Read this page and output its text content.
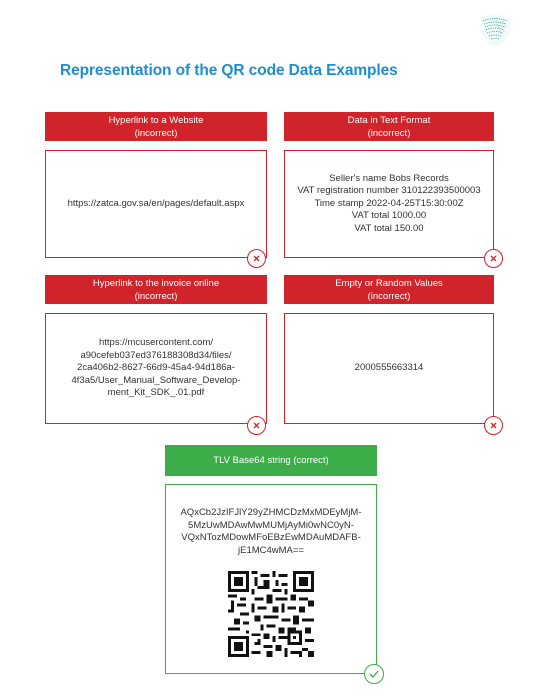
Representation of the QR code Data Examples
Hyperlink to a Website
(incorrect)
https://zatca.gov.sa/en/pages/default.aspx
Data in Text Format
(incorrect)
Seller's name Bobs Records
VAT registration number 310122393500003
Time stamp 2022-04-25T15:30:00Z
VAT total 1000.00
VAT total 150.00
Hyperlink to the invoice online
(incorrect)
https://mcusercontent.com/
a90cefeb037ed376188308d34/files/
2ca406b2-8627-66d9-45a4-94d186a-
4f3a5/User_Manual_Software_Develop-
ment_Kit_SDK_.01.pdf
Empty or Random Values
(incorrect)
2000555663314
TLV Base64 string (correct)
AQxCb2JzIFJlY29yZHMCDzMxMDEyMjM-
5MzUwMDAwMwMUMjAyMi0wNC0yN-
VQxNTozMDowMFoEBzEwMDAuMDAFB-
jE1MC4wMA==
